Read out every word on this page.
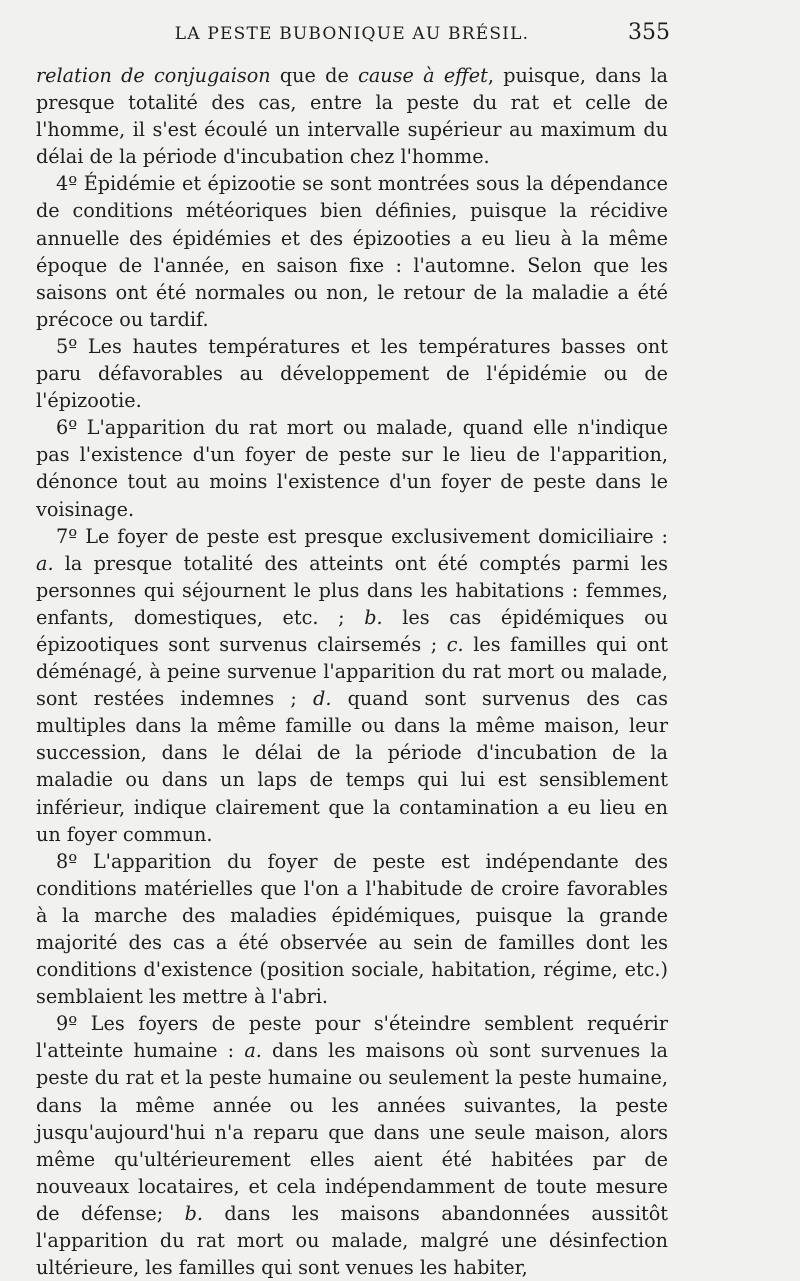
LA PESTE BUBONIQUE AU BRÉSIL.	355

relation de conjugaison que de cause à effet, puisque, dans la presque totalité des cas, entre la peste du rat et celle de l'homme, il s'est écoulé un intervalle supérieur au maximum du délai de la période d'incubation chez l'homme.

4º Épidémie et épizootie se sont montrées sous la dépendance de conditions météoriques bien définies, puisque la récidive annuelle des épidémies et des épizooties a eu lieu à la même époque de l'année, en saison fixe : l'automne. Selon que les saisons ont été normales ou non, le retour de la maladie a été précoce ou tardif.

5º Les hautes températures et les températures basses ont paru défavorables au développement de l'épidémie ou de l'épizootie.

6º L'apparition du rat mort ou malade, quand elle n'indique pas l'existence d'un foyer de peste sur le lieu de l'apparition, dénonce tout au moins l'existence d'un foyer de peste dans le voisinage.

7º Le foyer de peste est presque exclusivement domiciliaire : a. la presque totalité des atteints ont été comptés parmi les personnes qui séjournent le plus dans les habitations : femmes, enfants, domestiques, etc. ; b. les cas épidémiques ou épizootiques sont survenus clairsemés ; c. les familles qui ont déménagé, à peine survenue l'apparition du rat mort ou malade, sont restées indemnes ; d. quand sont survenus des cas multiples dans la même famille ou dans la même maison, leur succession, dans le délai de la période d'incubation de la maladie ou dans un laps de temps qui lui est sensiblement inférieur, indique clairement que la contamination a eu lieu en un foyer commun.

8º L'apparition du foyer de peste est indépendante des conditions matérielles que l'on a l'habitude de croire favorables à la marche des maladies épidémiques, puisque la grande majorité des cas a été observée au sein de familles dont les conditions d'existence (position sociale, habitation, régime, etc.) semblaient les mettre à l'abri.

9º Les foyers de peste pour s'éteindre semblent requérir l'atteinte humaine : a. dans les maisons où sont survenues la peste du rat et la peste humaine ou seulement la peste humaine, dans la même année ou les années suivantes, la peste jusqu'aujourd'hui n'a reparu que dans une seule maison, alors même qu'ultérieurement elles aient été habitées par de nouveaux locataires, et cela indépendamment de toute mesure de défense; b. dans les maisons abandonnées aussitôt l'apparition du rat mort ou malade, malgré une désinfection ultérieure, les familles qui sont venues les habiter,
